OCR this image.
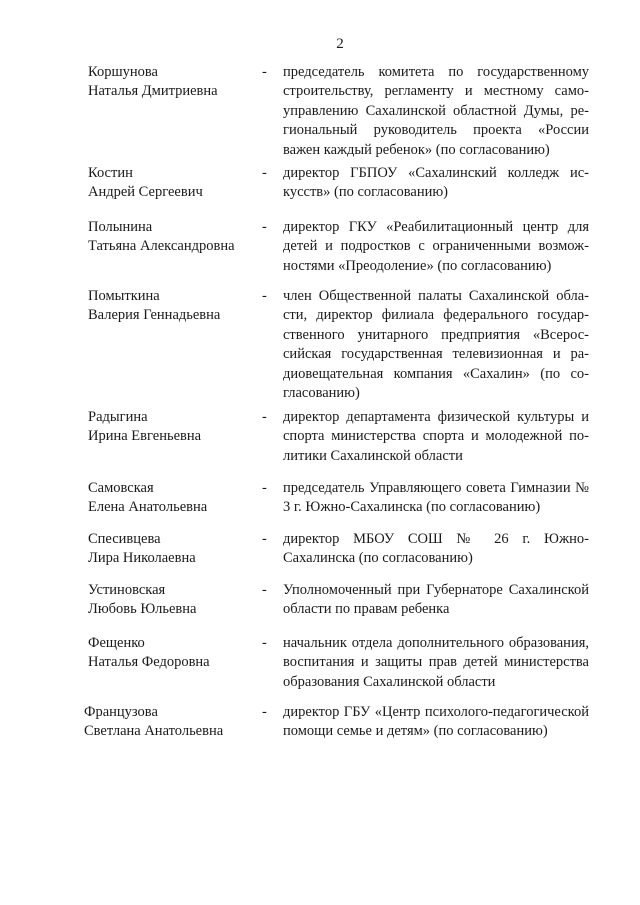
2
Коршунова
Наталья Дмитриевна
- председатель комитета по государственному строительству, регламенту и местному самоуправлению Сахалинской областной Думы, региональный руководитель проекта «России важен каждый ребенок» (по согласованию)
Костин
Андрей Сергеевич
- директор ГБПОУ «Сахалинский колледж искусств» (по согласованию)
Полынина
Татьяна Александровна
- директор ГКУ «Реабилитационный центр для детей и подростков с ограниченными возможностями «Преодоление» (по согласованию)
Помыткина
Валерия Геннадьевна
- член Общественной палаты Сахалинской области, директор филиала федерального государственного унитарного предприятия «Всероссийская государственная телевизионная и радиовещательная компания «Сахалин» (по согласованию)
Радыгина
Ирина Евгеньевна
- директор департамента физической культуры и спорта министерства спорта и молодежной политики Сахалинской области
Самовская
Елена Анатольевна
- председатель Управляющего совета Гимназии № 3 г. Южно-Сахалинска (по согласованию)
Спесивцева
Лира Николаевна
- директор МБОУ СОШ № 26 г. Южно-Сахалинска (по согласованию)
Устиновская
Любовь Юльевна
- Уполномоченный при Губернаторе Сахалинской области по правам ребенка
Фещенко
Наталья Федоровна
- начальник отдела дополнительного образования, воспитания и защиты прав детей министерства образования Сахалинской области
Французова
Светлана Анатольевна
- директор ГБУ «Центр психолого-педагогической помощи семье и детям» (по согласованию)
